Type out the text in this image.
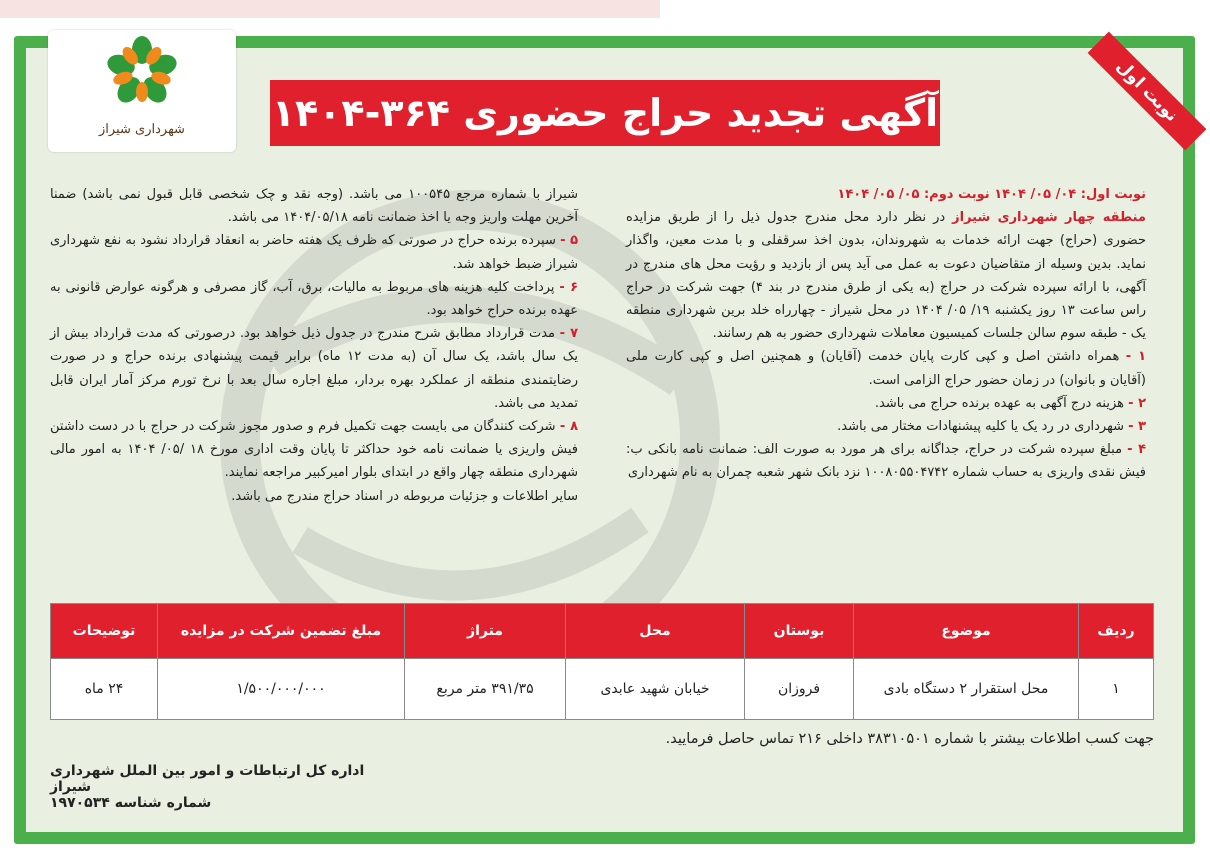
شهرداری شیراز	آگهی تجدید حراج حضوری ۳۶۴-۱۴۰۴	نوبت اول

نوبت اول: ۰۴/ ۰۵/ ۱۴۰۴ نوبت دوم: ۰۵/ ۰۵/ ۱۴۰۴

منطقه چهار شهرداری شیراز در نظر دارد محل مندرج جدول ذیل را از طریق مزایده حضوری (حراج) جهت ارائه خدمات به شهروندان، بدون اخذ سرقفلی و با مدت معین، واگذار نماید. بدین وسیله از متقاضیان دعوت به عمل می آید پس از بازدید و رؤیت محل های مندرج در آگهی، با ارائه سپرده شرکت در حراج (به یکی از طرق مندرج در بند ۴) جهت شرکت در حراج راس ساعت ۱۳ روز یکشنبه ۱۹/ ۰۵/ ۱۴۰۴ در محل شیراز - چهارراه خلد برین شهرداری منطقه یک - طبقه سوم سالن جلسات کمیسیون معاملات شهرداری حضور به هم رسانند.

۱ - همراه داشتن اصل و کپی کارت پایان خدمت (آقایان) و همچنین اصل و کپی کارت ملی (آقایان و بانوان) در زمان حضور حراج الزامی است.

۲ - هزینه درج آگهی به عهده برنده حراج می باشد.

۳ - شهرداری در رد یک یا کلیه پیشنهادات مختار می باشد.

۴ - مبلغ سپرده شرکت در حراج، جداگانه برای هر مورد به صورت الف: ضمانت نامه بانکی ب: فیش نقدی واریزی به حساب شماره ۱۰۰۸۰۵۵۰۴۷۴۲ نزد بانک شهر شعبه چمران به نام شهرداری

شیراز با شماره مرجع ۱۰۰۵۴۵ می باشد. (وجه نقد و چک شخصی قابل قبول نمی باشد) ضمنا آخرین مهلت واریز وجه یا اخذ ضمانت نامه ۱۴۰۴/۰۵/۱۸ می باشد.

۵ - سپرده برنده حراج در صورتی که ظرف یک هفته حاضر به انعقاد قرارداد نشود به نفع شهرداری شیراز ضبط خواهد شد.

۶ - پرداخت کلیه هزینه های مربوط به مالیات، برق، آب، گاز مصرفی و هرگونه عوارض قانونی به عهده برنده حراج خواهد بود.

۷ - مدت قرارداد مطابق شرح مندرج در جدول ذیل خواهد بود. درصورتی که مدت قرارداد بیش از یک سال باشد، یک سال آن (به مدت ۱۲ ماه) برابر قیمت پیشنهادی برنده حراج و در صورت رضایتمندی منطقه از عملکرد بهره بردار، مبلغ اجاره سال بعد با نرخ تورم مرکز آمار ایران قابل تمدید می باشد.

۸ - شرکت کنندگان می بایست جهت تکمیل فرم و صدور مجوز شرکت در حراج با در دست داشتن فیش واریزی یا ضمانت نامه خود حداکثر تا پایان وقت اداری مورخ ۱۸ /۰۵/ ۱۴۰۴ به امور مالی شهرداری منطقه چهار واقع در ابتدای بلوار امیرکبیر مراجعه نمایند.

سایر اطلاعات و جزئیات مربوطه در اسناد حراج مندرج می باشد.

ردیف	موضوع	بوستان	محل	متراژ	مبلغ تضمین شرکت در مزایده	توضیحات
۱	محل استقرار ۲ دستگاه بادی	فروزان	خیابان شهید عابدی	۳۹۱/۳۵ متر مربع	۱/۵۰۰/۰۰۰/۰۰۰	۲۴ ماه
جهت کسب اطلاعات بیشتر با شماره ۳۸۳۱۰۵۰۱ داخلی ۲۱۶ تماس حاصل فرمایید.
اداره کل ارتباطات و امور بین الملل شهرداری شیراز
شماره شناسه ۱۹۷۰۵۳۴
